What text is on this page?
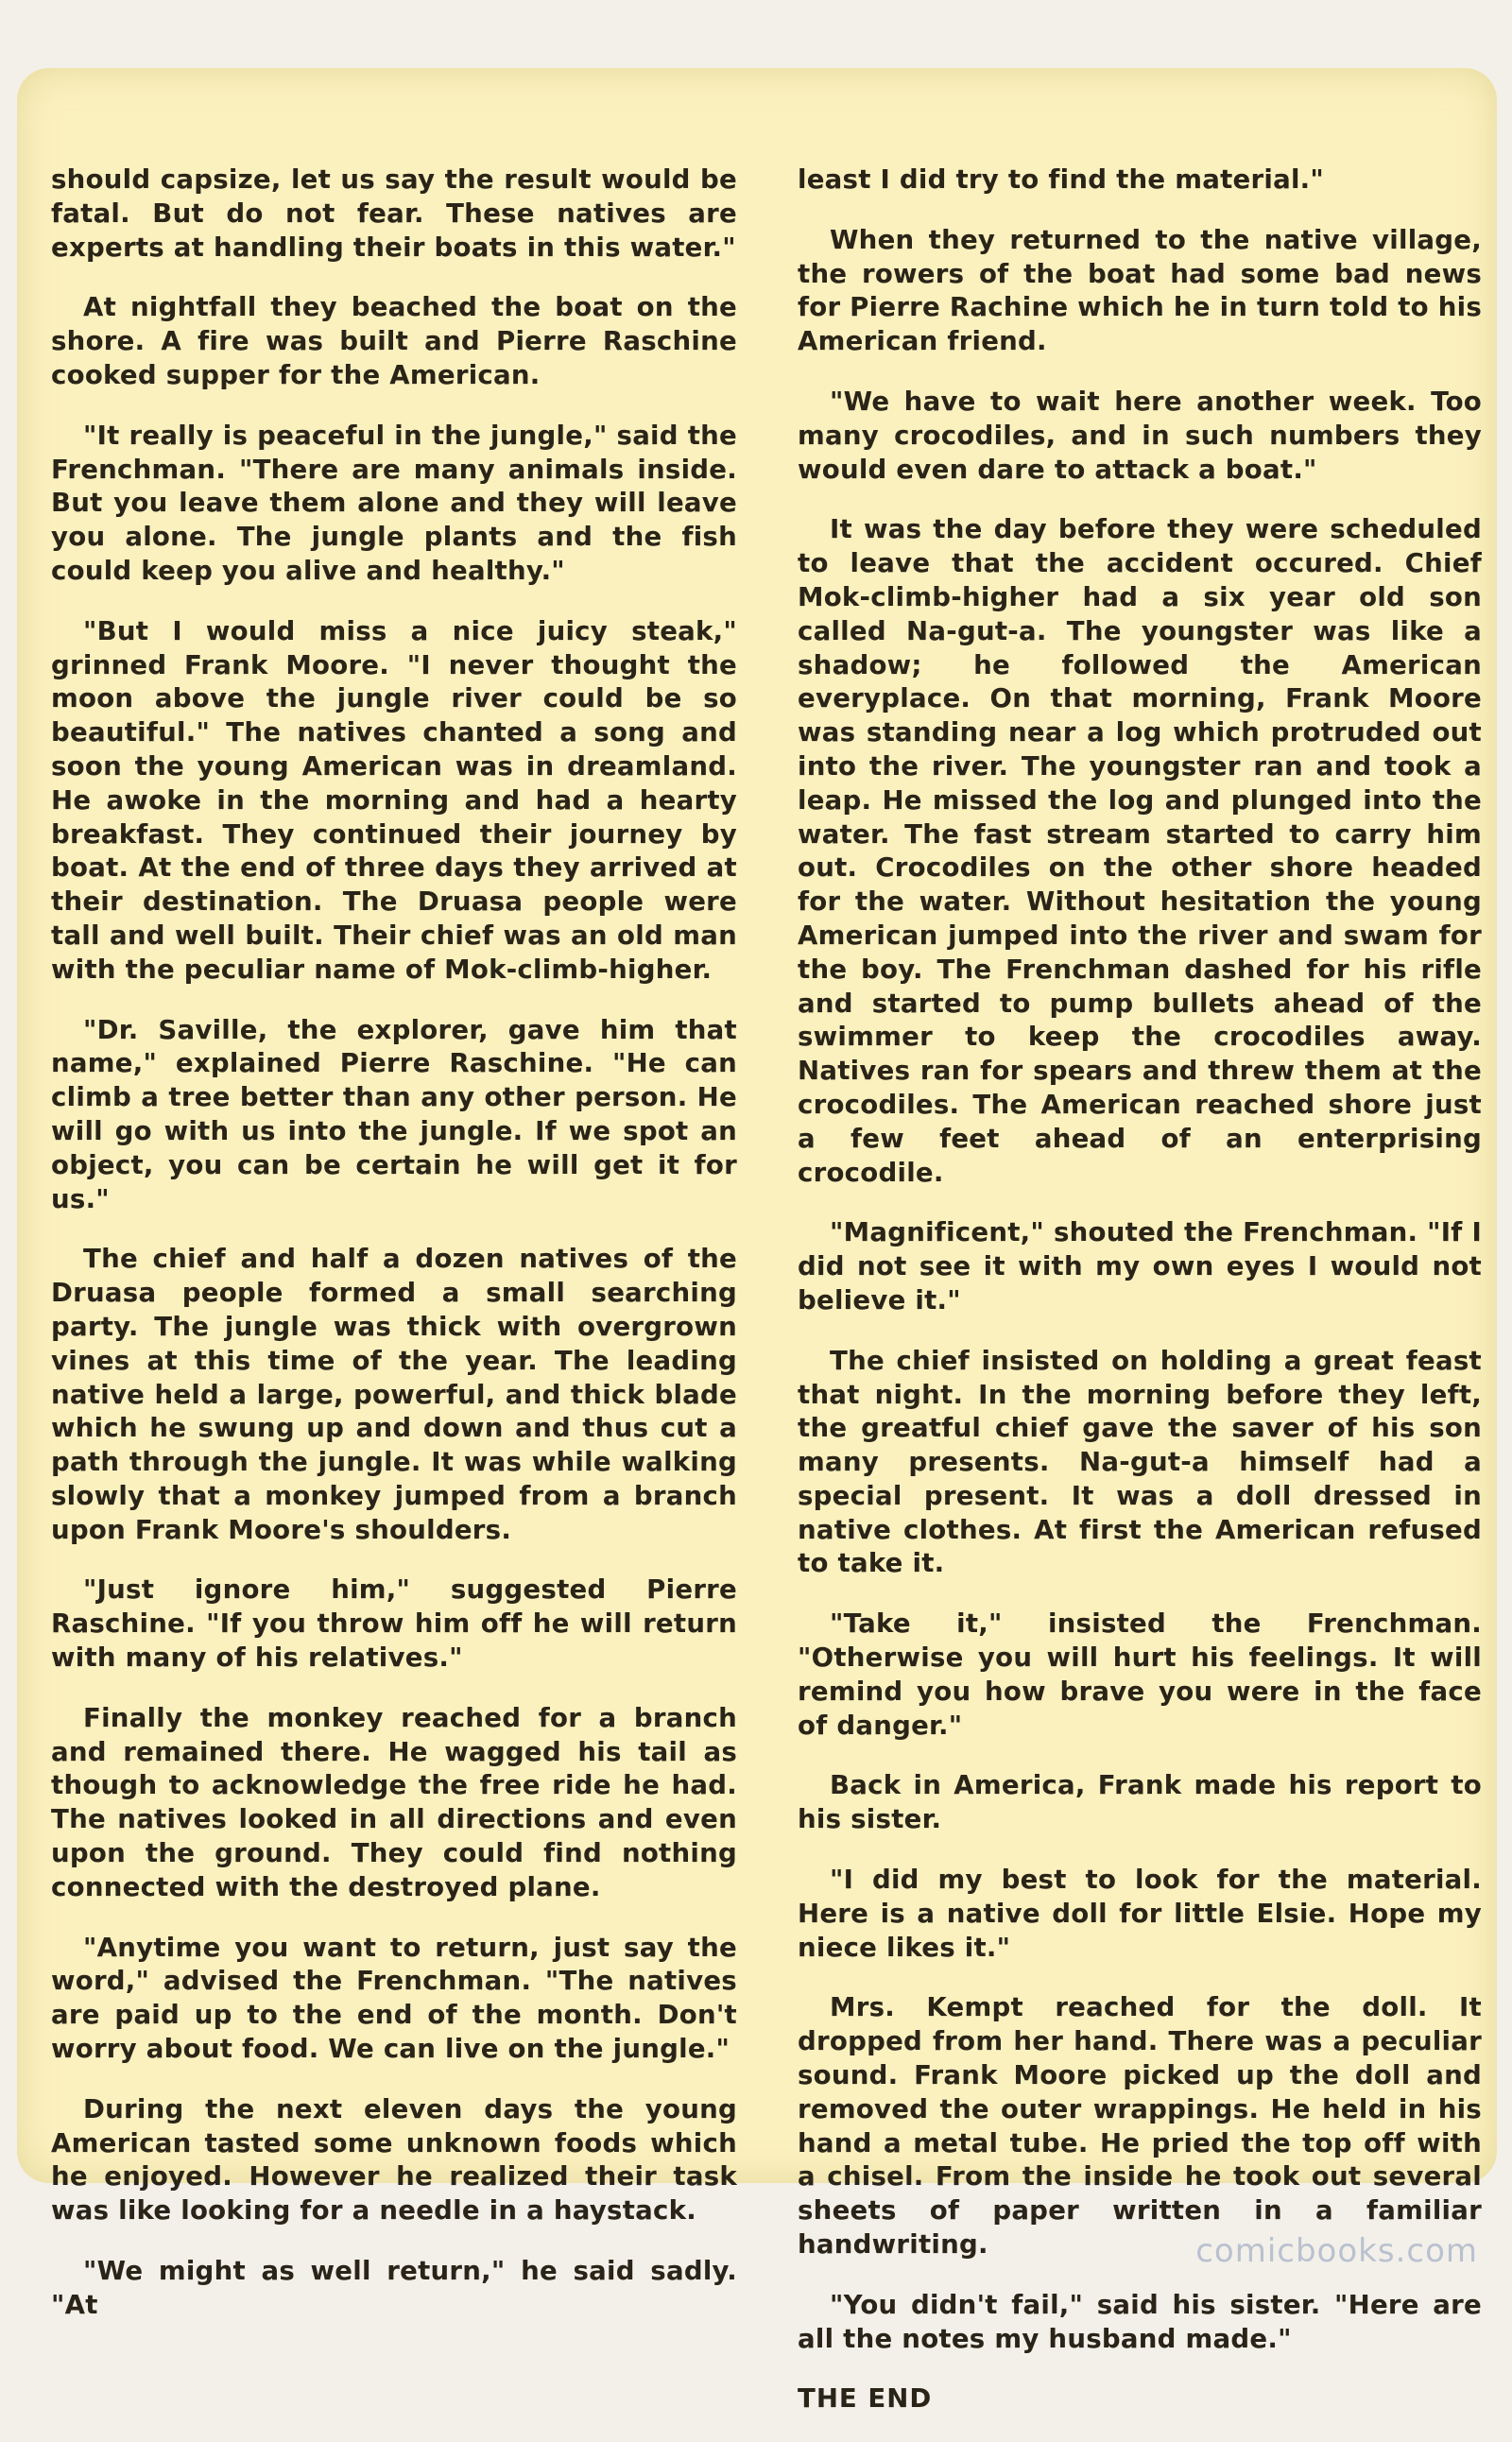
should capsize, let us say the result would be fatal. But do not fear. These natives are experts at handling their boats in this water."

At nightfall they beached the boat on the shore. A fire was built and Pierre Raschine cooked supper for the American.

"It really is peaceful in the jungle," said the Frenchman. "There are many animals inside. But you leave them alone and they will leave you alone. The jungle plants and the fish could keep you alive and healthy."

"But I would miss a nice juicy steak," grinned Frank Moore. "I never thought the moon above the jungle river could be so beautiful." The natives chanted a song and soon the young American was in dreamland. He awoke in the morning and had a hearty breakfast. They continued their journey by boat. At the end of three days they arrived at their destination. The Druasa people were tall and well built. Their chief was an old man with the peculiar name of Mok-climb-higher.

"Dr. Saville, the explorer, gave him that name," explained Pierre Raschine. "He can climb a tree better than any other person. He will go with us into the jungle. If we spot an object, you can be certain he will get it for us."

The chief and half a dozen natives of the Druasa people formed a small searching party. The jungle was thick with overgrown vines at this time of the year. The leading native held a large, powerful, and thick blade which he swung up and down and thus cut a path through the jungle. It was while walking slowly that a monkey jumped from a branch upon Frank Moore's shoulders.

"Just ignore him," suggested Pierre Raschine. "If you throw him off he will return with many of his relatives."

Finally the monkey reached for a branch and remained there. He wagged his tail as though to acknowledge the free ride he had. The natives looked in all directions and even upon the ground. They could find nothing connected with the destroyed plane.

"Anytime you want to return, just say the word," advised the Frenchman. "The natives are paid up to the end of the month. Don't worry about food. We can live on the jungle."

During the next eleven days the young American tasted some unknown foods which he enjoyed. However he realized their task was like looking for a needle in a haystack.

"We might as well return," he said sadly. "At

least I did try to find the material."

When they returned to the native village, the rowers of the boat had some bad news for Pierre Rachine which he in turn told to his American friend.

"We have to wait here another week. Too many crocodiles, and in such numbers they would even dare to attack a boat."

It was the day before they were scheduled to leave that the accident occured. Chief Mok-climb-higher had a six year old son called Na-gut-a. The youngster was like a shadow; he followed the American everyplace. On that morning, Frank Moore was standing near a log which protruded out into the river. The youngster ran and took a leap. He missed the log and plunged into the water. The fast stream started to carry him out. Crocodiles on the other shore headed for the water. Without hesitation the young American jumped into the river and swam for the boy. The Frenchman dashed for his rifle and started to pump bullets ahead of the swimmer to keep the crocodiles away. Natives ran for spears and threw them at the crocodiles. The American reached shore just a few feet ahead of an enterprising crocodile.

"Magnificent," shouted the Frenchman. "If I did not see it with my own eyes I would not believe it."

The chief insisted on holding a great feast that night. In the morning before they left, the greatful chief gave the saver of his son many presents. Na-gut-a himself had a special present. It was a doll dressed in native clothes. At first the American refused to take it.

"Take it," insisted the Frenchman. "Otherwise you will hurt his feelings. It will remind you how brave you were in the face of danger."

Back in America, Frank made his report to his sister.

"I did my best to look for the material. Here is a native doll for little Elsie. Hope my niece likes it."

Mrs. Kempt reached for the doll. It dropped from her hand. There was a peculiar sound. Frank Moore picked up the doll and removed the outer wrappings. He held in his hand a metal tube. He pried the top off with a chisel. From the inside he took out several sheets of paper written in a familiar handwriting.

"You didn't fail," said his sister. "Here are all the notes my husband made."

THE END

comicbooks.com
